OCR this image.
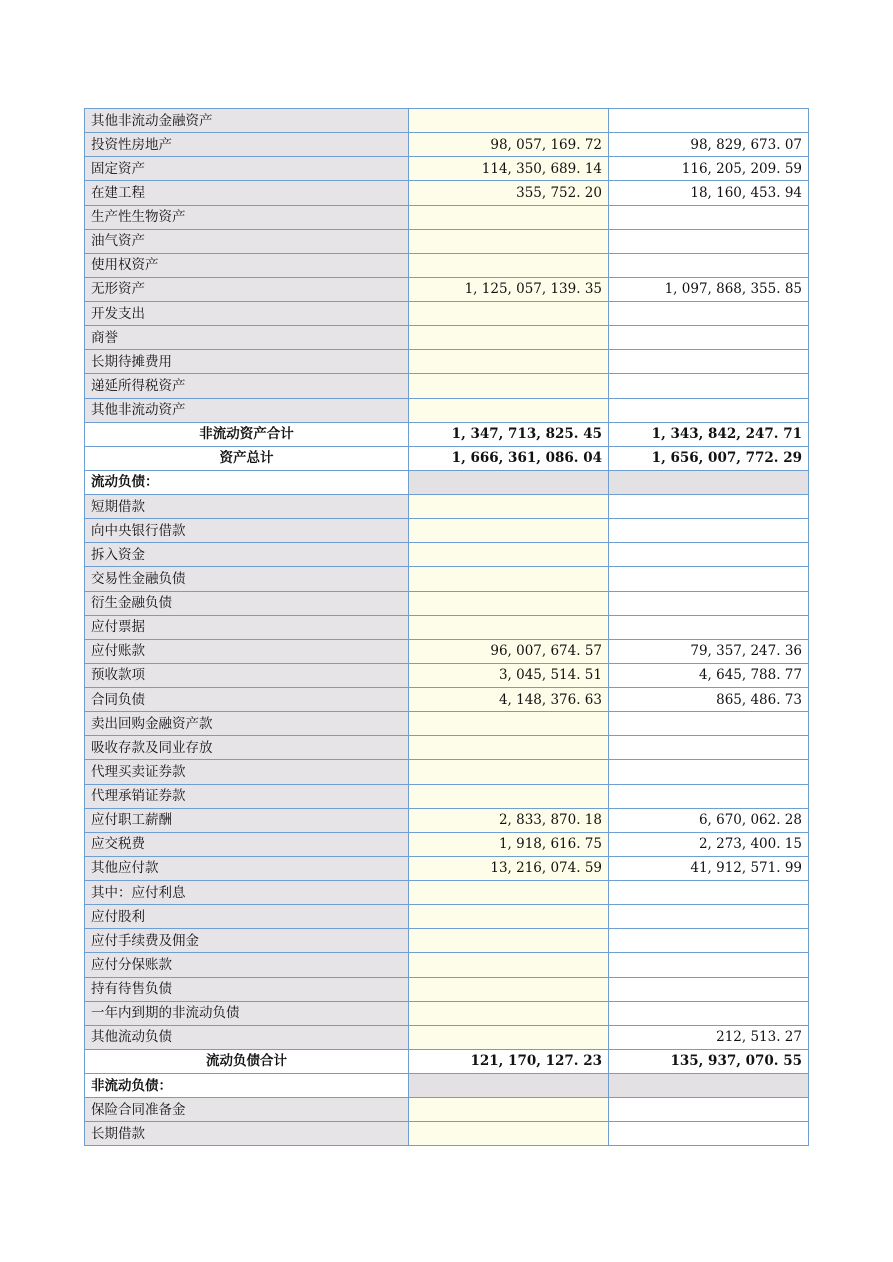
其他非流动金融资产		
投资性房地产	98, 057, 169. 72	98, 829, 673. 07
固定资产	114, 350, 689. 14	116, 205, 209. 59
在建工程	355, 752. 20	18, 160, 453. 94
生产性生物资产		
油气资产		
使用权资产		
无形资产	1, 125, 057, 139. 35	1, 097, 868, 355. 85
开发支出		
商誉		
长期待摊费用		
递延所得税资产		
其他非流动资产		
非流动资产合计	1, 347, 713, 825. 45	1, 343, 842, 247. 71
资产总计	1, 666, 361, 086. 04	1, 656, 007, 772. 29
流动负债：		
短期借款		
向中央银行借款		
拆入资金		
交易性金融负债		
衍生金融负债		
应付票据		
应付账款	96, 007, 674. 57	79, 357, 247. 36
预收款项	3, 045, 514. 51	4, 645, 788. 77
合同负债	4, 148, 376. 63	865, 486. 73
卖出回购金融资产款		
吸收存款及同业存放		
代理买卖证券款		
代理承销证券款		
应付职工薪酬	2, 833, 870. 18	6, 670, 062. 28
应交税费	1, 918, 616. 75	2, 273, 400. 15
其他应付款	13, 216, 074. 59	41, 912, 571. 99
其中：应付利息		
应付股利		
应付手续费及佣金		
应付分保账款		
持有待售负债		
一年内到期的非流动负债		
其他流动负债		212, 513. 27
流动负债合计	121, 170, 127. 23	135, 937, 070. 55
非流动负债：		
保险合同准备金		
长期借款		
